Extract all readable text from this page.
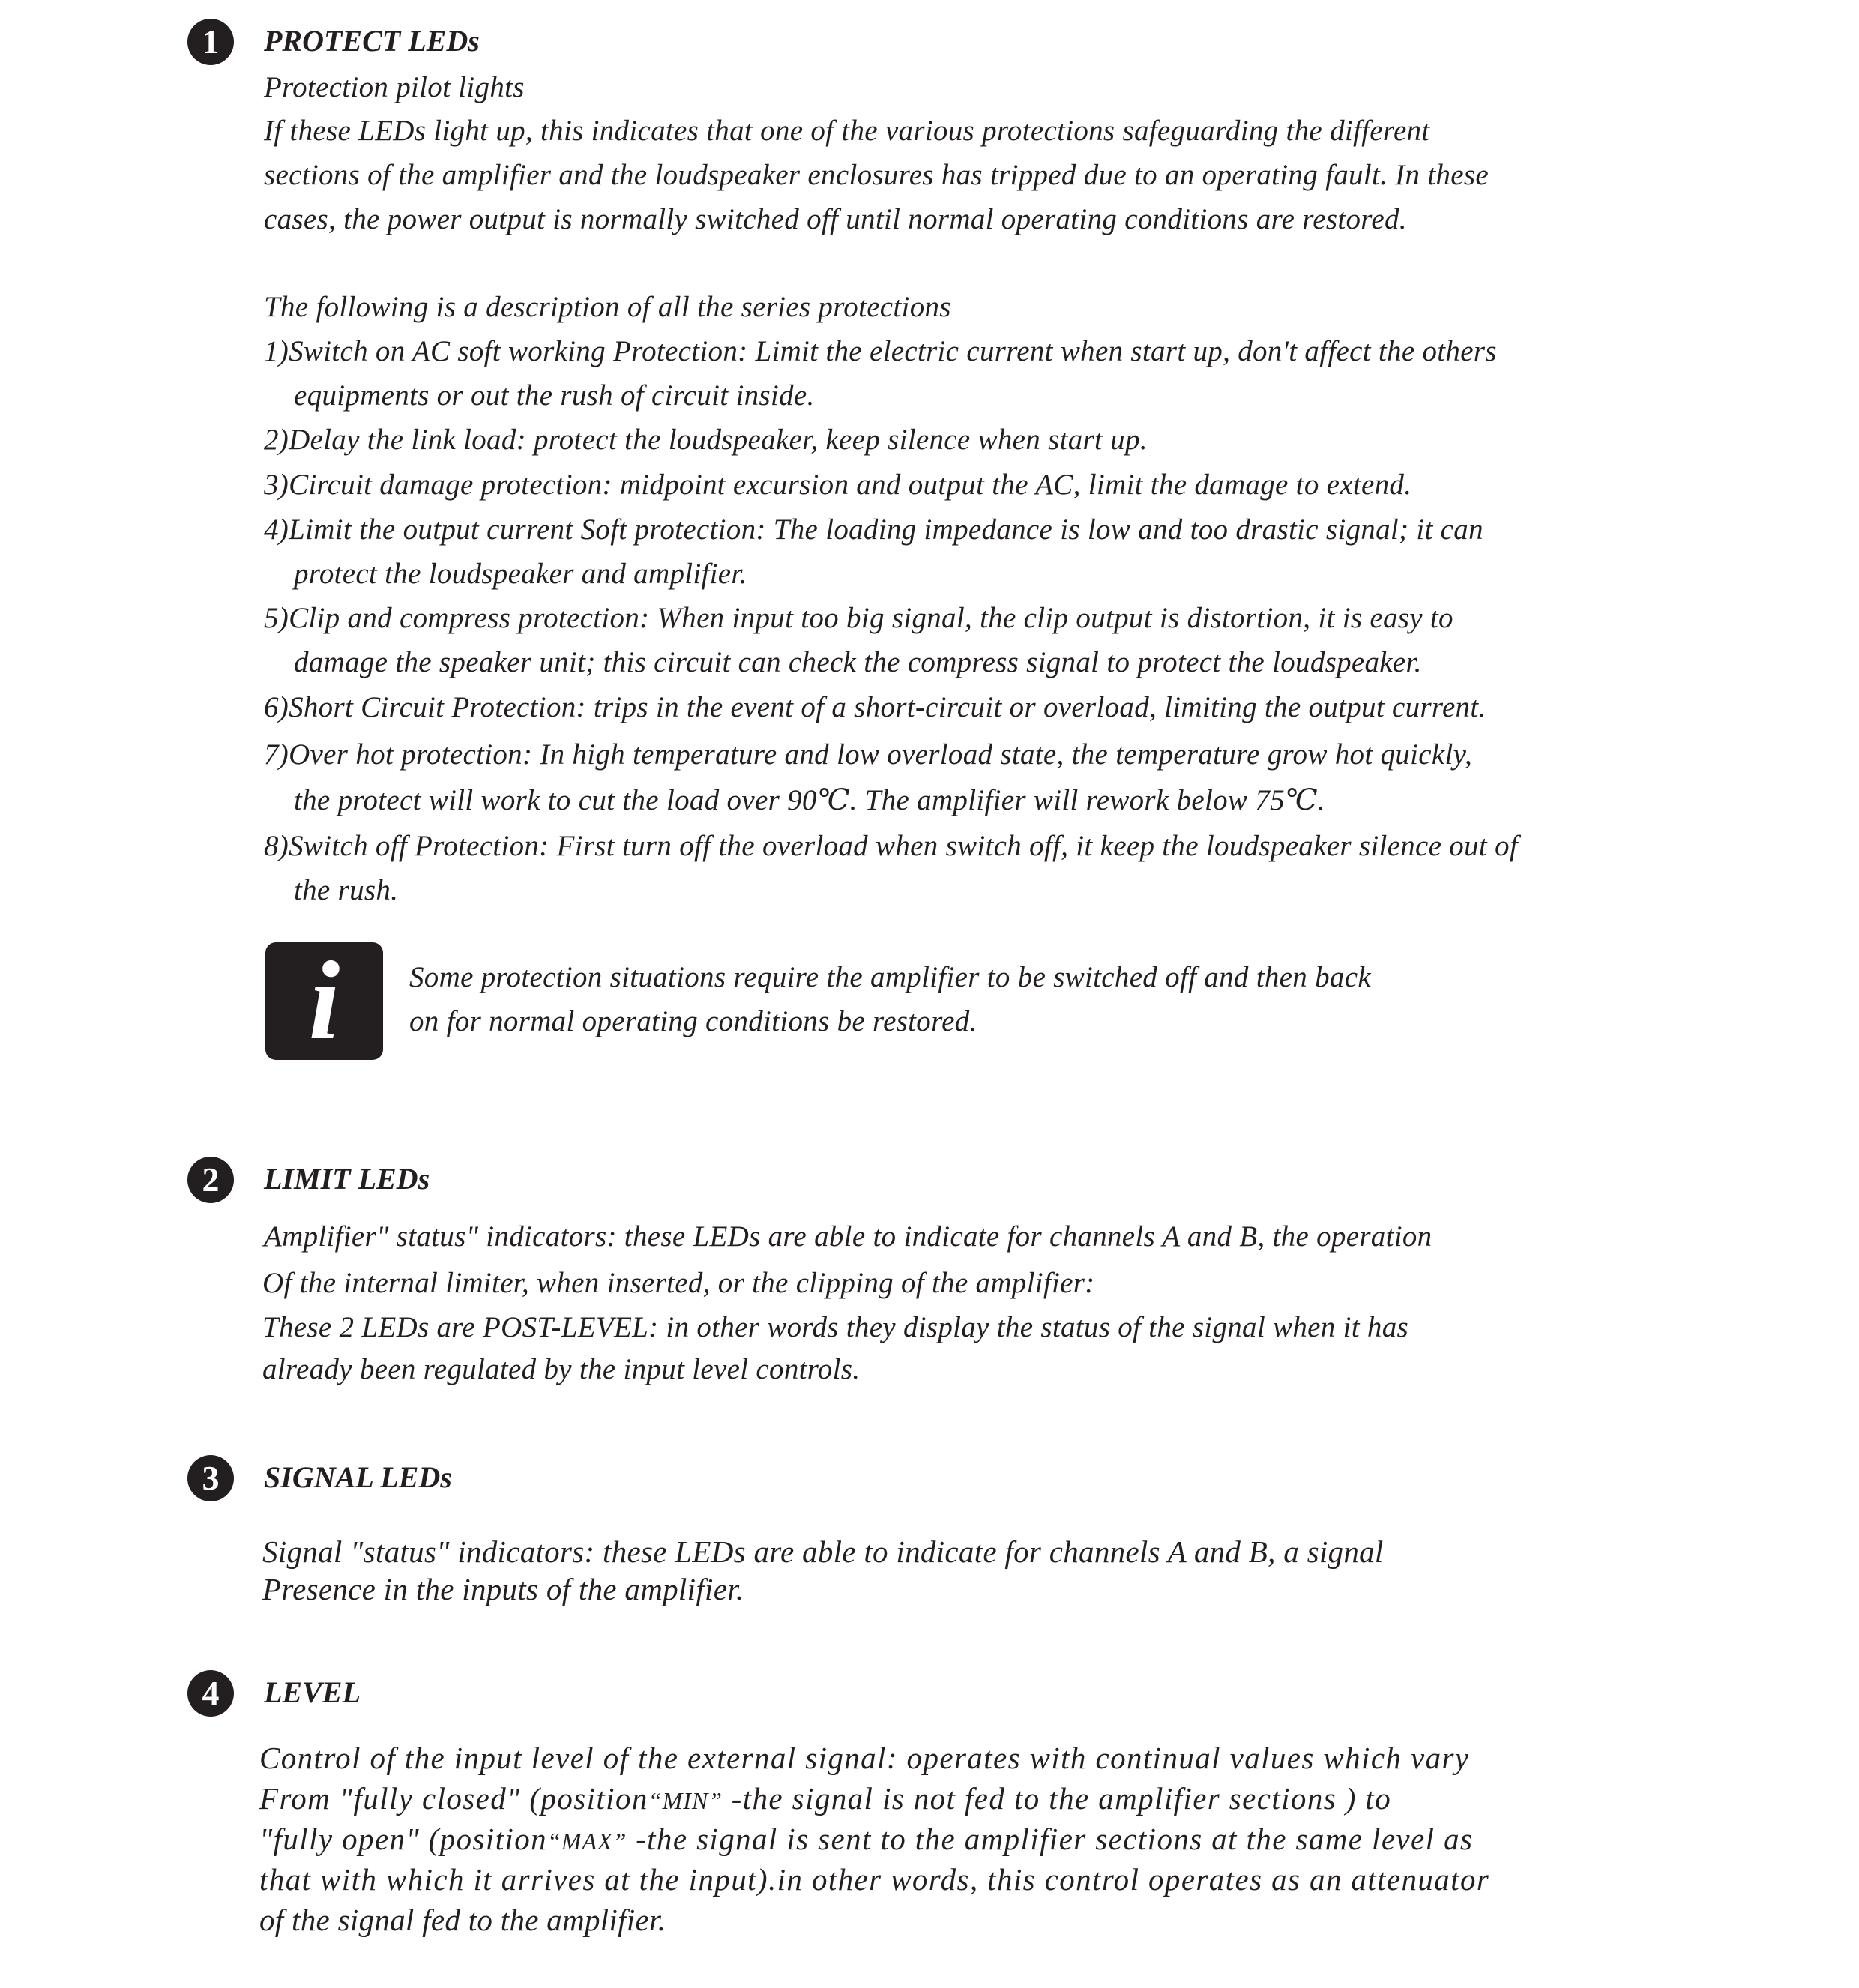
1	PROTECT LEDs
Protection pilot lights
If these LEDs light up, this indicates that one of the various protections safeguarding the different
sections of the amplifier and the loudspeaker enclosures has tripped due to an operating fault. In these
cases, the power output is normally switched off until normal operating conditions are restored.
The following is a description of all the series protections
1)Switch on AC soft working Protection: Limit the electric current when start up, don't affect the others
equipments or out the rush of circuit inside.
2)Delay the link load: protect the loudspeaker, keep silence when start up.
3)Circuit damage protection: midpoint excursion and output the AC, limit the damage to extend.
4)Limit the output current Soft protection: The loading impedance is low and too drastic signal; it can
protect the loudspeaker and amplifier.
5)Clip and compress protection: When input too big signal, the clip output is distortion, it is easy to
damage the speaker unit; this circuit can check the compress signal to protect the loudspeaker.
6)Short Circuit Protection: trips in the event of a short-circuit or overload, limiting the output current.
7)Over hot protection: In high temperature and low overload state, the temperature grow hot quickly,
the protect will work to cut the load over 90℃. The amplifier will rework below 75℃.
8)Switch off Protection: First turn off the overload when switch off, it keep the loudspeaker silence out of
the rush.
i	Some protection situations require the amplifier to be switched off and then back
on for normal operating conditions be restored.
2	LIMIT LEDs
Amplifier" status" indicators: these LEDs are able to indicate for channels A and B, the operation
Of the internal limiter, when inserted, or the clipping of the amplifier:
These 2 LEDs are POST-LEVEL: in other words they display the status of the signal when it has
already been regulated by the input level controls.
3	SIGNAL LEDs
Signal "status" indicators: these LEDs are able to indicate for channels A and B, a signal
Presence in the inputs of the amplifier.
4	LEVEL
Control of the input level of the external signal: operates with continual values which vary
From "fully closed" (position“MIN” -the signal is not fed to the amplifier sections ) to
"fully open" (position“MAX” -the signal is sent to the amplifier sections at the same level as
that with which it arrives at the input).in other words, this control operates as an attenuator
of the signal fed to the amplifier.
